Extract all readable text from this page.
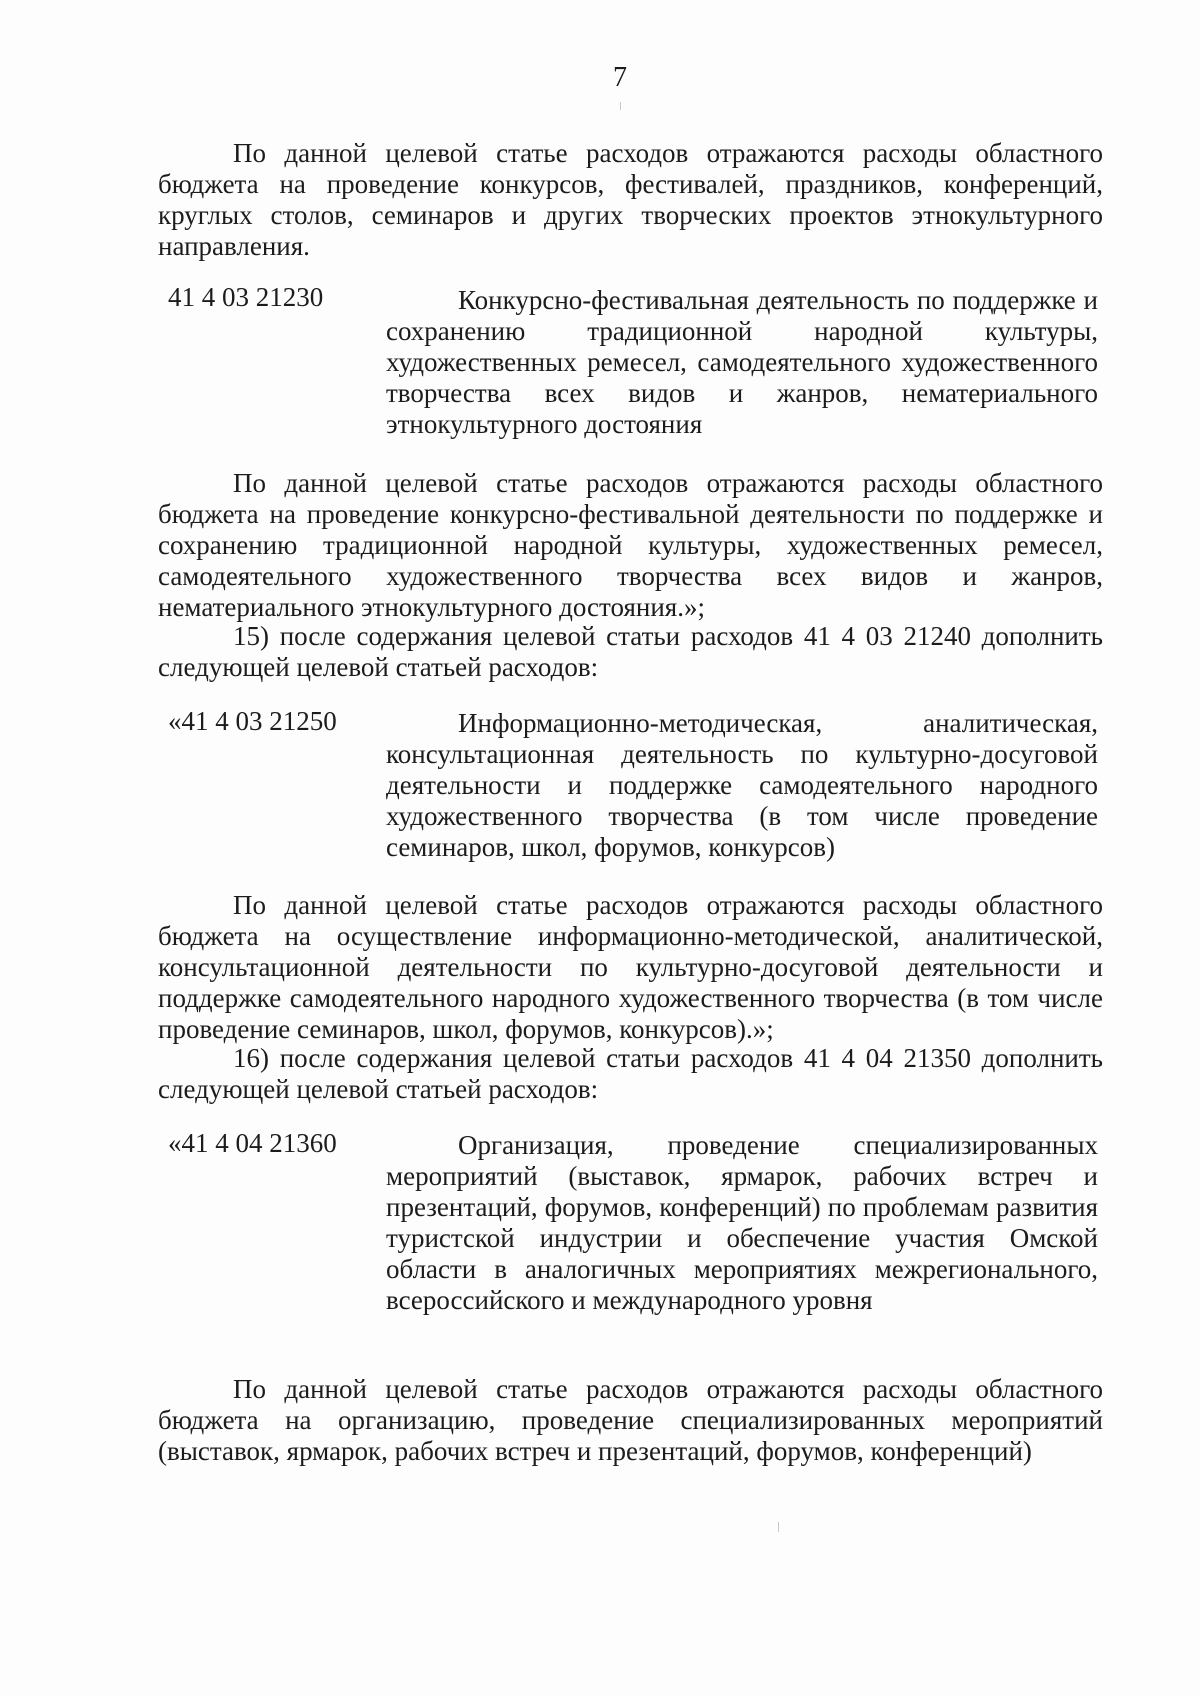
7

По данной целевой статье расходов отражаются расходы областного бюджета на проведение конкурсов, фестивалей, праздников, конференций, круглых столов, семинаров и других творческих проектов этнокультурного направления.

41 4 03 21230	Конкурсно-фестивальная деятельность по поддержке и сохранению традиционной народной культуры, художественных ремесел, самодеятельного художественного творчества всех видов и жанров, нематериального этнокультурного достояния

По данной целевой статье расходов отражаются расходы областного бюджета на проведение конкурсно-фестивальной деятельности по поддержке и сохранению традиционной народной культуры, художественных ремесел, самодеятельного художественного творчества всех видов и жанров, нематериального этнокультурного достояния.»;

15) после содержания целевой статьи расходов 41 4 03 21240 дополнить следующей целевой статьей расходов:

«41 4 03 21250	Информационно-методическая, аналитическая, консультационная деятельность по культурно-досуговой деятельности и поддержке самодеятельного народного художественного творчества (в том числе проведение семинаров, школ, форумов, конкурсов)

По данной целевой статье расходов отражаются расходы областного бюджета на осуществление информационно-методической, аналитической, консультационной деятельности по культурно-досуговой деятельности и поддержке самодеятельного народного художественного творчества (в том числе проведение семинаров, школ, форумов, конкурсов).»;

16) после содержания целевой статьи расходов 41 4 04 21350 дополнить следующей целевой статьей расходов:

«41 4 04 21360	Организация, проведение специализированных мероприятий (выставок, ярмарок, рабочих встреч и презентаций, форумов, конференций) по проблемам развития туристской индустрии и обеспечение участия Омской области в аналогичных мероприятиях межрегионального, всероссийского и международного уровня

По данной целевой статье расходов отражаются расходы областного бюджета на организацию, проведение специализированных мероприятий (выставок, ярмарок, рабочих встреч и презентаций, форумов, конференций)
